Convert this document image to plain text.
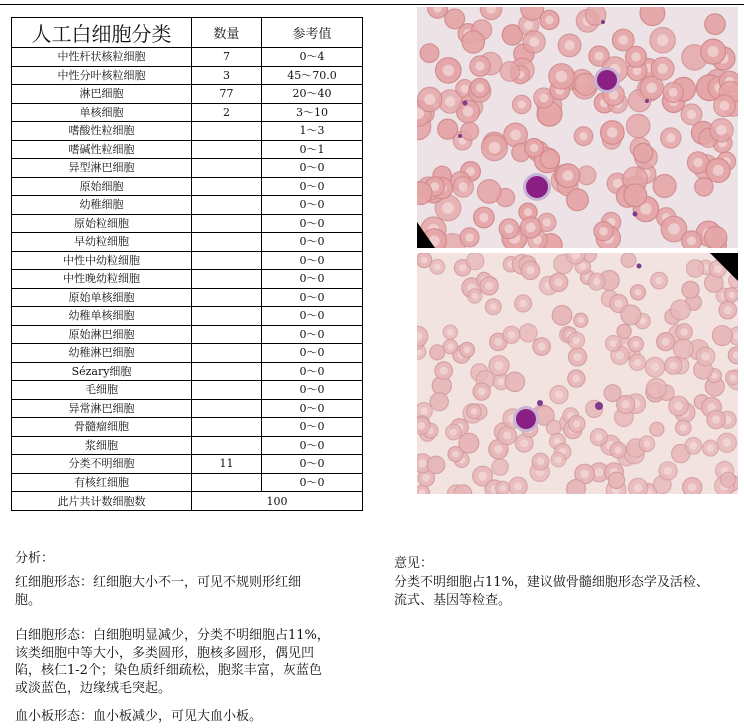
人工白细胞分类	数量	参考值
中性杆状核粒细胞	7	0～4
中性分叶核粒细胞	3	45～70.0
淋巴细胞	77	20～40
单核细胞	2	3～10
嗜酸性粒细胞		1～3
嗜碱性粒细胞		0～1
异型淋巴细胞		0～0
原始细胞		0～0
幼稚细胞		0～0
原始粒细胞		0～0
早幼粒细胞		0～0
中性中幼粒细胞		0～0
中性晚幼粒细胞		0～0
原始单核细胞		0～0
幼稚单核细胞		0～0
原始淋巴细胞		0～0
幼稚淋巴细胞		0～0
Sézary细胞		0～0
毛细胞		0～0
异常淋巴细胞		0～0
骨髓瘤细胞		0～0
浆细胞		0～0
分类不明细胞	11	0～0
有核红细胞		0～0
此片共计数细胞数	100	
分析：
红细胞形态：红细胞大小不一，可见不规则形红细
胞。
白细胞形态：白细胞明显减少，分类不明细胞占11%，
该类细胞中等大小，多类圆形，胞核多圆形，偶见凹
陷，核仁1-2个；染色质纤细疏松，胞浆丰富，灰蓝色
或淡蓝色，边缘绒毛突起。
血小板形态：血小板减少，可见大血小板。
意见：
分类不明细胞占11%，建议做骨髓细胞形态学及活检、
流式、基因等检查。
